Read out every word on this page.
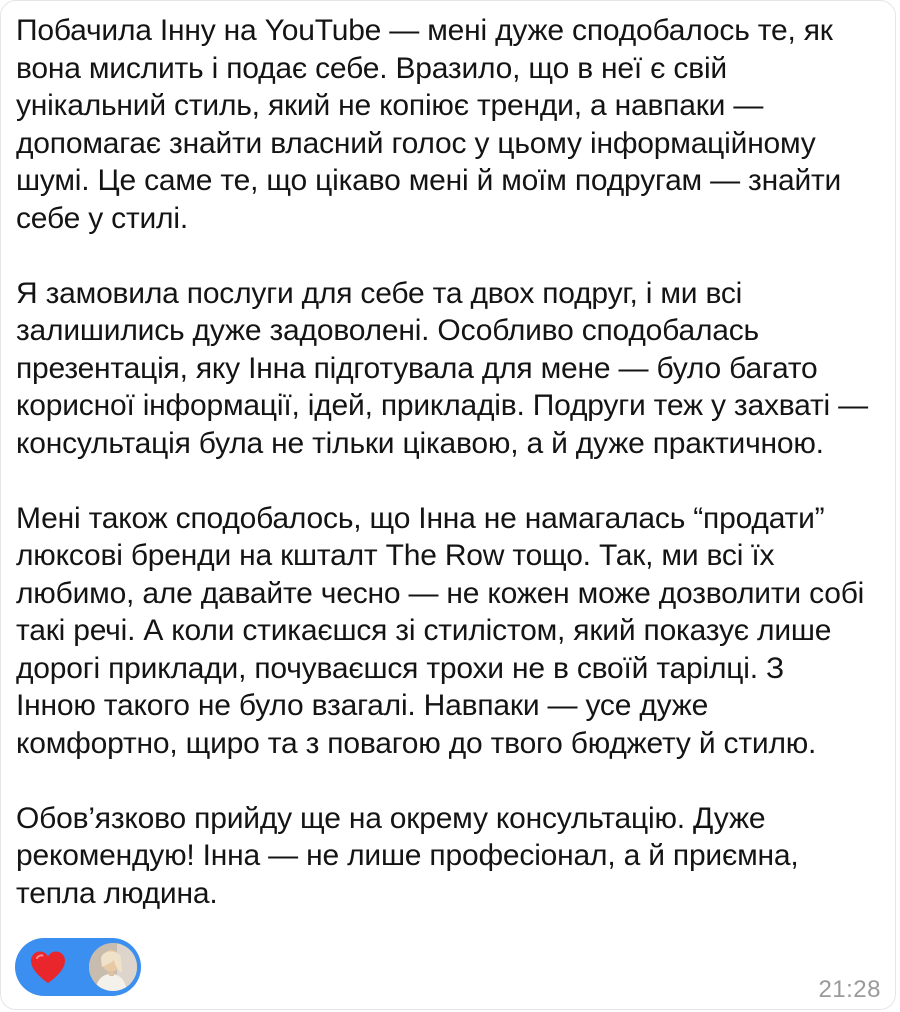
Побачила Інну на YouTube — мені дуже сподобалось те, як
вона мислить і подає себе. Вразило, що в неї є свій
унікальний стиль, який не копіює тренди, а навпаки —
допомагає знайти власний голос у цьому інформаційному
шумі. Це саме те, що цікаво мені й моїм подругам — знайти
себе у стилі.

Я замовила послуги для себе та двох подруг, і ми всі
залишились дуже задоволені. Особливо сподобалась
презентація, яку Інна підготувала для мене — було багато
корисної інформації, ідей, прикладів. Подруги теж у захваті —
консультація була не тільки цікавою, а й дуже практичною.

Мені також сподобалось, що Інна не намагалась “продати”
люксові бренди на кшталт The Row тощо. Так, ми всі їх
любимо, але давайте чесно — не кожен може дозволити собі
такі речі. А коли стикаєшся зі стилістом, який показує лише
дорогі приклади, почуваєшся трохи не в своїй тарілці. З
Інною такого не було взагалі. Навпаки — усе дуже
комфортно, щиро та з повагою до твого бюджету й стилю.

Обов’язково прийду ще на окрему консультацію. Дуже
рекомендую! Інна — не лише професіонал, а й приємна,
тепла людина.

21:28
